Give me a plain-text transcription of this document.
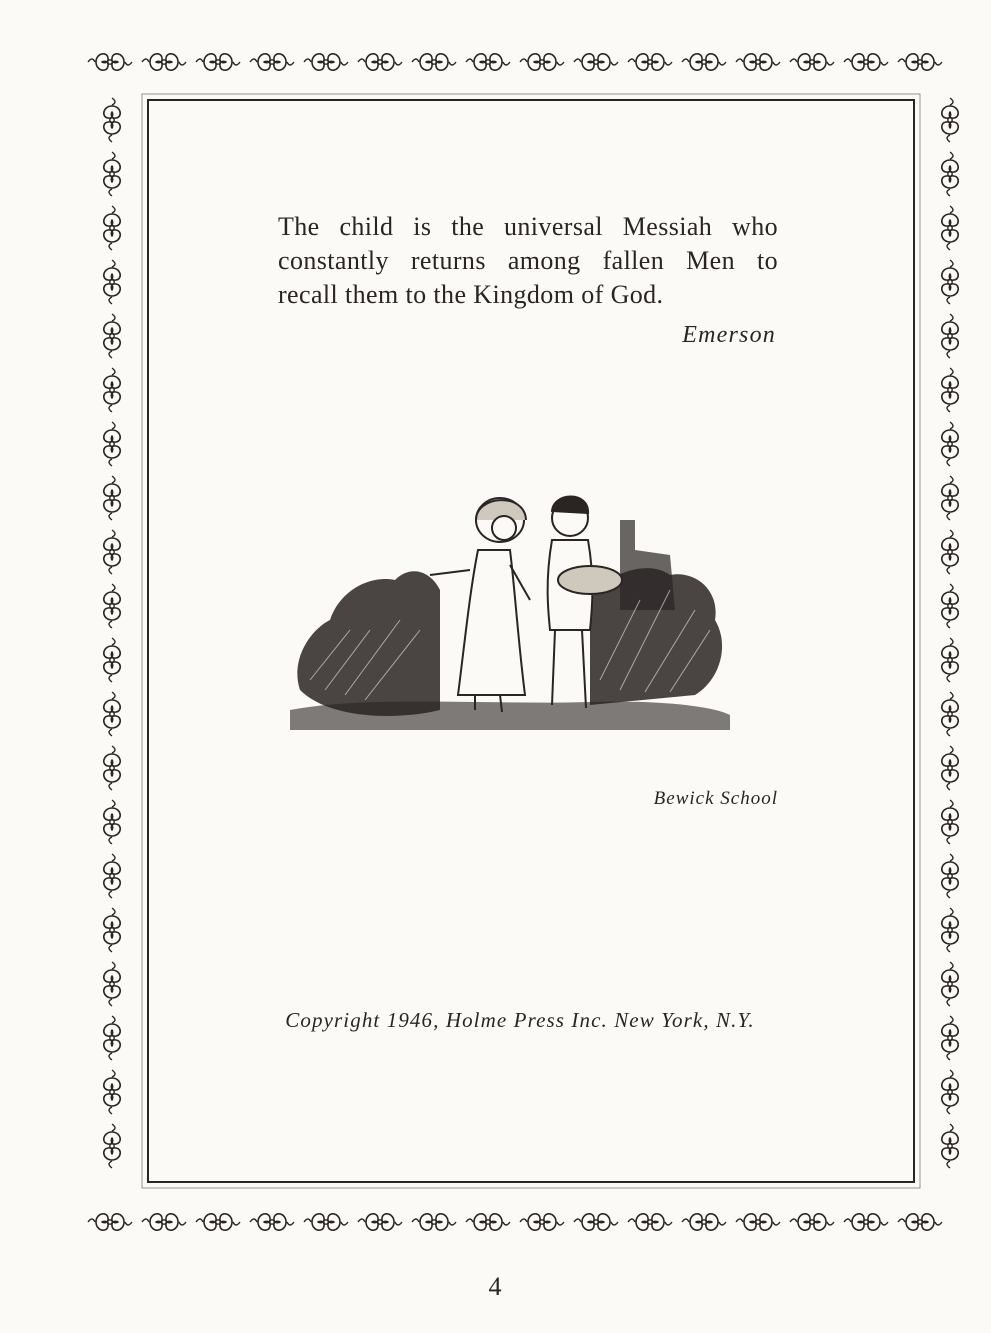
The child is the universal Messiah who
constantly returns among fallen Men to
recall them to the Kingdom of God.

Emerson
Bewick School
Copyright 1946, Holme Press Inc. New York, N.Y.
4
